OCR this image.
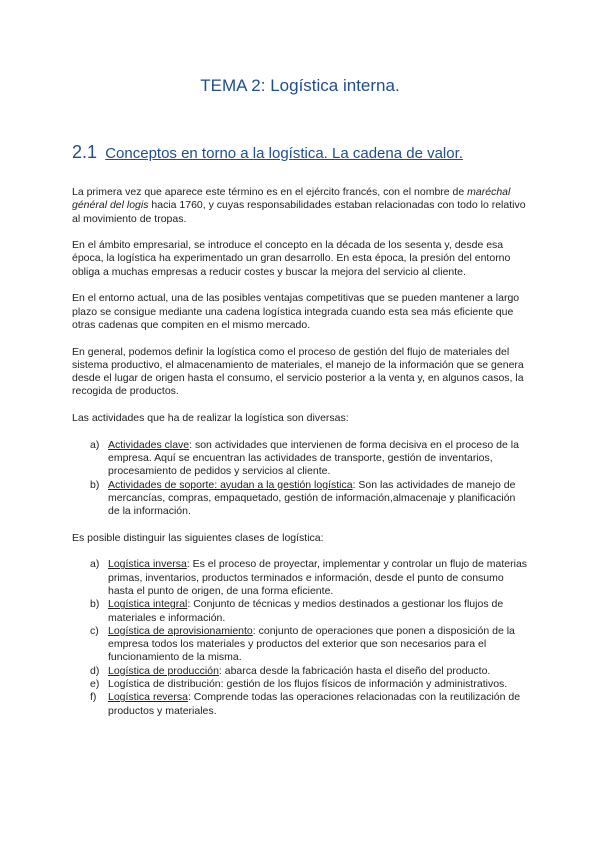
TEMA 2: Logística interna.
2.1 Conceptos en torno a la logística. La cadena de valor.

La primera vez que aparece este término es en el ejército francés, con el nombre de maréchal général del logis hacia 1760, y cuyas responsabilidades estaban relacionadas con todo lo relativo al movimiento de tropas.

En el ámbito empresarial, se introduce el concepto en la década de los sesenta y, desde esa época, la logística ha experimentado un gran desarrollo. En esta época, la presión del entorno obliga a muchas empresas a reducir costes y buscar la mejora del servicio al cliente.

En el entorno actual, una de las posibles ventajas competitivas que se pueden mantener a largo plazo se consigue mediante una cadena logística integrada cuando esta sea más eficiente que otras cadenas que compiten en el mismo mercado.

En general, podemos definir la logística como el proceso de gestión del flujo de materiales del sistema productivo, el almacenamiento de materiales, el manejo de la información que se genera desde el lugar de origen hasta el consumo, el servicio posterior a la venta y, en algunos casos, la recogida de productos.

Las actividades que ha de realizar la logística son diversas:

a) Actividades clave: son actividades que intervienen de forma decisiva en el proceso de la empresa. Aquí se encuentran las actividades de transporte, gestión de inventarios, procesamiento de pedidos y servicios al cliente.
b) Actividades de soporte: ayudan a la gestión logística: Son las actividades de manejo de mercancías, compras, empaquetado, gestión de información,almacenaje y planificación de la información.

Es posible distinguir las siguientes clases de logística:

a) Logística inversa: Es el proceso de proyectar, implementar y controlar un flujo de materias primas, inventarios, productos terminados e información, desde el punto de consumo hasta el punto de origen, de una forma eficiente.
b) Logística integral: Conjunto de técnicas y medios destinados a gestionar los flujos de materiales e información.
c) Logística de aprovisionamiento: conjunto de operaciones que ponen a disposición de la empresa todos los materiales y productos del exterior que son necesarios para el funcionamiento de la misma.
d) Logística de producción: abarca desde la fabricación hasta el diseño del producto.
e) Logística de distribución: gestión de los flujos físicos de información y administrativos.
f) Logística reversa: Comprende todas las operaciones relacionadas con la reutilización de productos y materiales.
